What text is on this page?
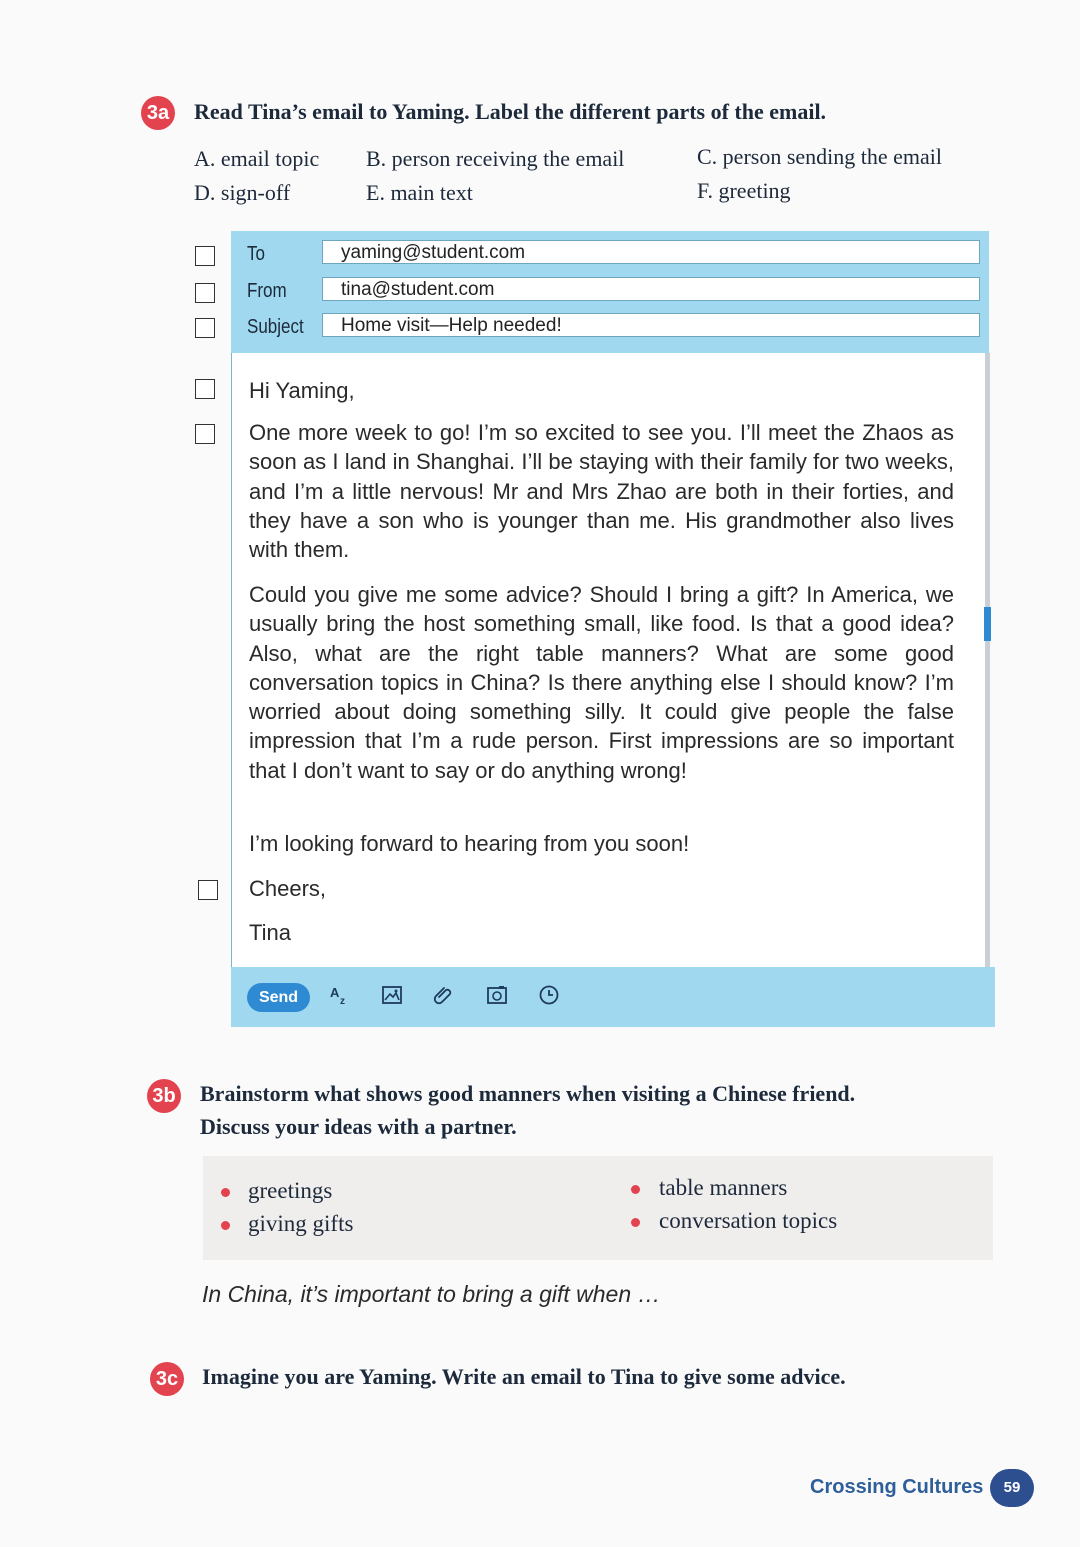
3a Read Tina’s email to Yaming. Label the different parts of the email.
A. email topic B. person receiving the email	C. person sending the email
D. sign-off	E. main text	F. greeting
To	yaming@student.com
From	tina@student.com
Subject	Home visit—Help needed!

Hi Yaming,

One more week to go! I’m so excited to see you. I’ll meet the Zhaos as soon as I land in Shanghai. I’ll be staying with their family for two weeks, and I’m a little nervous! Mr and Mrs Zhao are both in their forties, and they have a son who is younger than me. His grandmother also lives with them.

Could you give me some advice? Should I bring a gift? In America, we usually bring the host something small, like food. Is that a good idea? Also, what are the right table manners? What are some good conversation topics in China? Is there anything else I should know? I’m worried about doing something silly. It could give people the false impression that I’m a rude person. First impressions are so important that I don’t want to say or do anything wrong!

I’m looking forward to hearing from you soon!

Cheers,

Tina

Send	A
z
3b Brainstorm what shows good manners when visiting a Chinese friend.
Discuss your ideas with a partner.
greetings
giving gifts
table manners
conversation topics
In China, it’s important to bring a gift when …
3c Imagine you are Yaming. Write an email to Tina to give some advice.
Crossing Cultures	59
